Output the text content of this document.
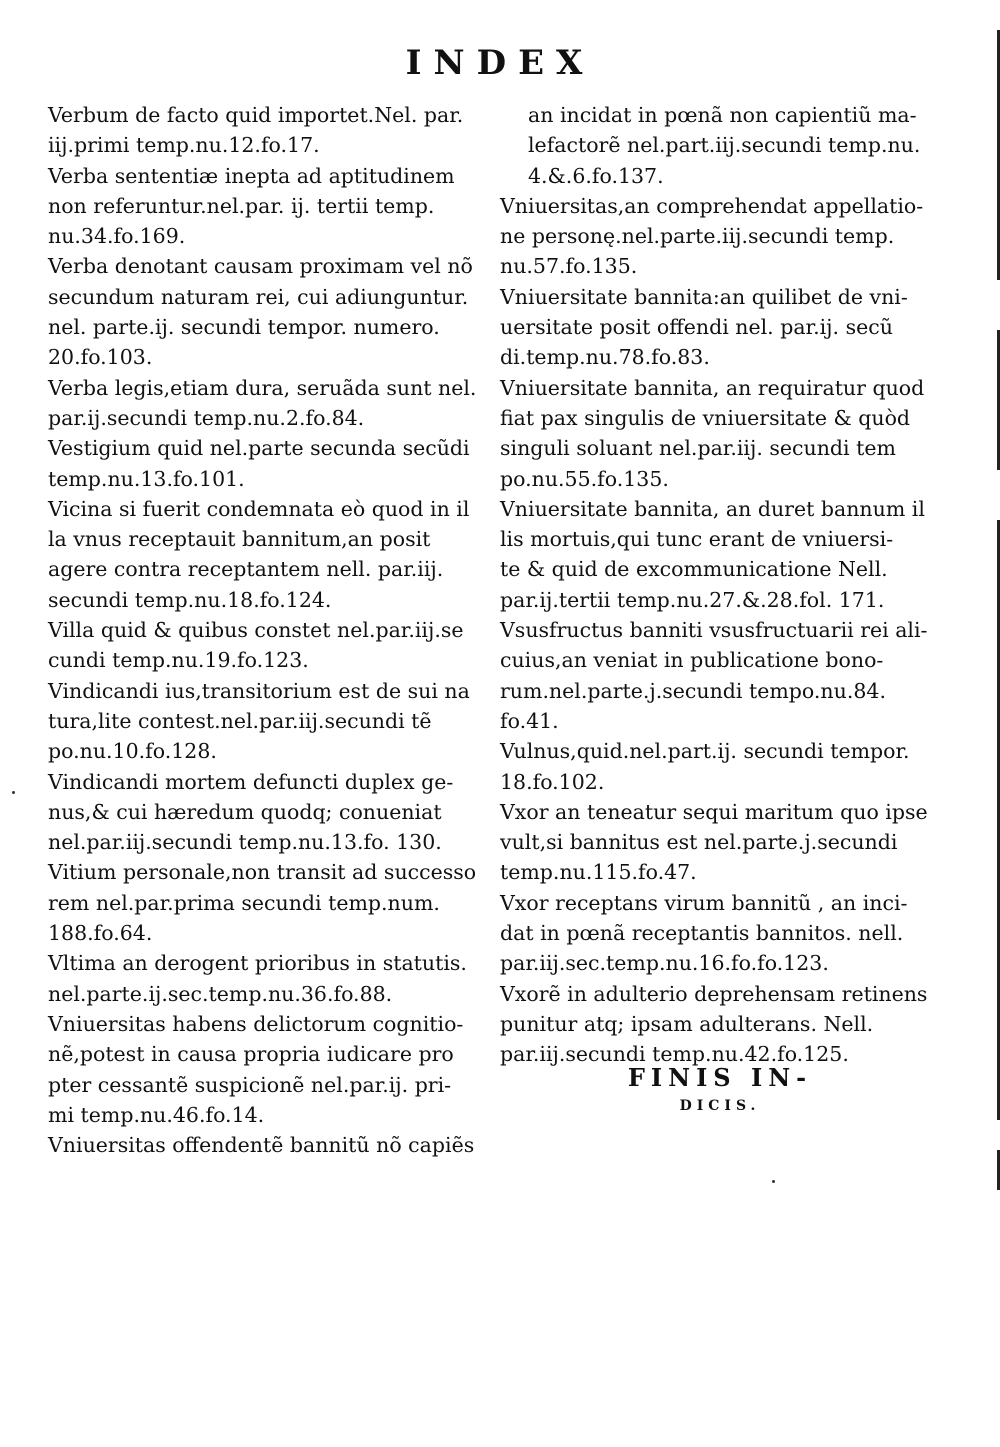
INDEX
Verbum de facto quid importet.Nel. par.
iij.primi temp.nu.12.fo.17.
Verba sententiæ inepta ad aptitudinem
non referuntur.nel.par. ij. tertii temp.
nu.34.fo.169.
Verba denotant causam proximam vel nõ
secundum naturam rei, cui adiunguntur.
nel. parte.ij. secundi tempor. numero.
20.fo.103.
Verba legis,etiam dura, seruãda sunt nel.
par.ij.secundi temp.nu.2.fo.84.
Vestigium quid nel.parte secunda secũdi
temp.nu.13.fo.101.
Vicina si fuerit condemnata eò quod in il
la vnus receptauit bannitum,an posit
agere contra receptantem nell. par.iij.
secundi temp.nu.18.fo.124.
Villa quid & quibus constet nel.par.iij.se
cundi temp.nu.19.fo.123.
Vindicandi ius,transitorium est de sui na
tura,lite contest.nel.par.iij.secundi tẽ
po.nu.10.fo.128.
Vindicandi mortem defuncti duplex ge-
nus,& cui hæredum quodq; conueniat
nel.par.iij.secundi temp.nu.13.fo. 130.
Vitium personale,non transit ad successo
rem nel.par.prima secundi temp.num.
188.fo.64.
Vltima an derogent prioribus in statutis.
nel.parte.ij.sec.temp.nu.36.fo.88.
Vniuersitas habens delictorum cognitio-
nẽ,potest in causa propria iudicare pro
pter cessantẽ suspicionẽ nel.par.ij. pri-
mi temp.nu.46.fo.14.
Vniuersitas offendentẽ bannitũ nõ capiẽs
an incidat in pœnã non capientiũ ma-
lefactorẽ nel.part.iij.secundi temp.nu.
4.&.6.fo.137.
Vniuersitas,an comprehendat appellatio-
ne personę.nel.parte.iij.secundi temp.
nu.57.fo.135.
Vniuersitate bannita:an quilibet de vni-
uersitate posit offendi nel. par.ij. secũ
di.temp.nu.78.fo.83.
Vniuersitate bannita, an requiratur quod
fiat pax singulis de vniuersitate & quòd
singuli soluant nel.par.iij. secundi tem
po.nu.55.fo.135.
Vniuersitate bannita, an duret bannum il
lis mortuis,qui tunc erant de vniuersi-
te & quid de excommunicatione Nell.
par.ij.tertii temp.nu.27.&.28.fol. 171.
Vsusfructus banniti vsusfructuarii rei ali-
cuius,an veniat in publicatione bono-
rum.nel.parte.j.secundi tempo.nu.84.
fo.41.
Vulnus,quid.nel.part.ij. secundi tempor.
18.fo.102.
Vxor an teneatur sequi maritum quo ipse
vult,si bannitus est nel.parte.j.secundi
temp.nu.115.fo.47.
Vxor receptans virum bannitũ , an inci-
dat in pœnã receptantis bannitos. nell.
par.iij.sec.temp.nu.16.fo.fo.123.
Vxorẽ in adulterio deprehensam retinens
punitur atq; ipsam adulterans. Nell.
par.iij.secundi temp.nu.42.fo.125.
FINIS IN-
DICIS.
